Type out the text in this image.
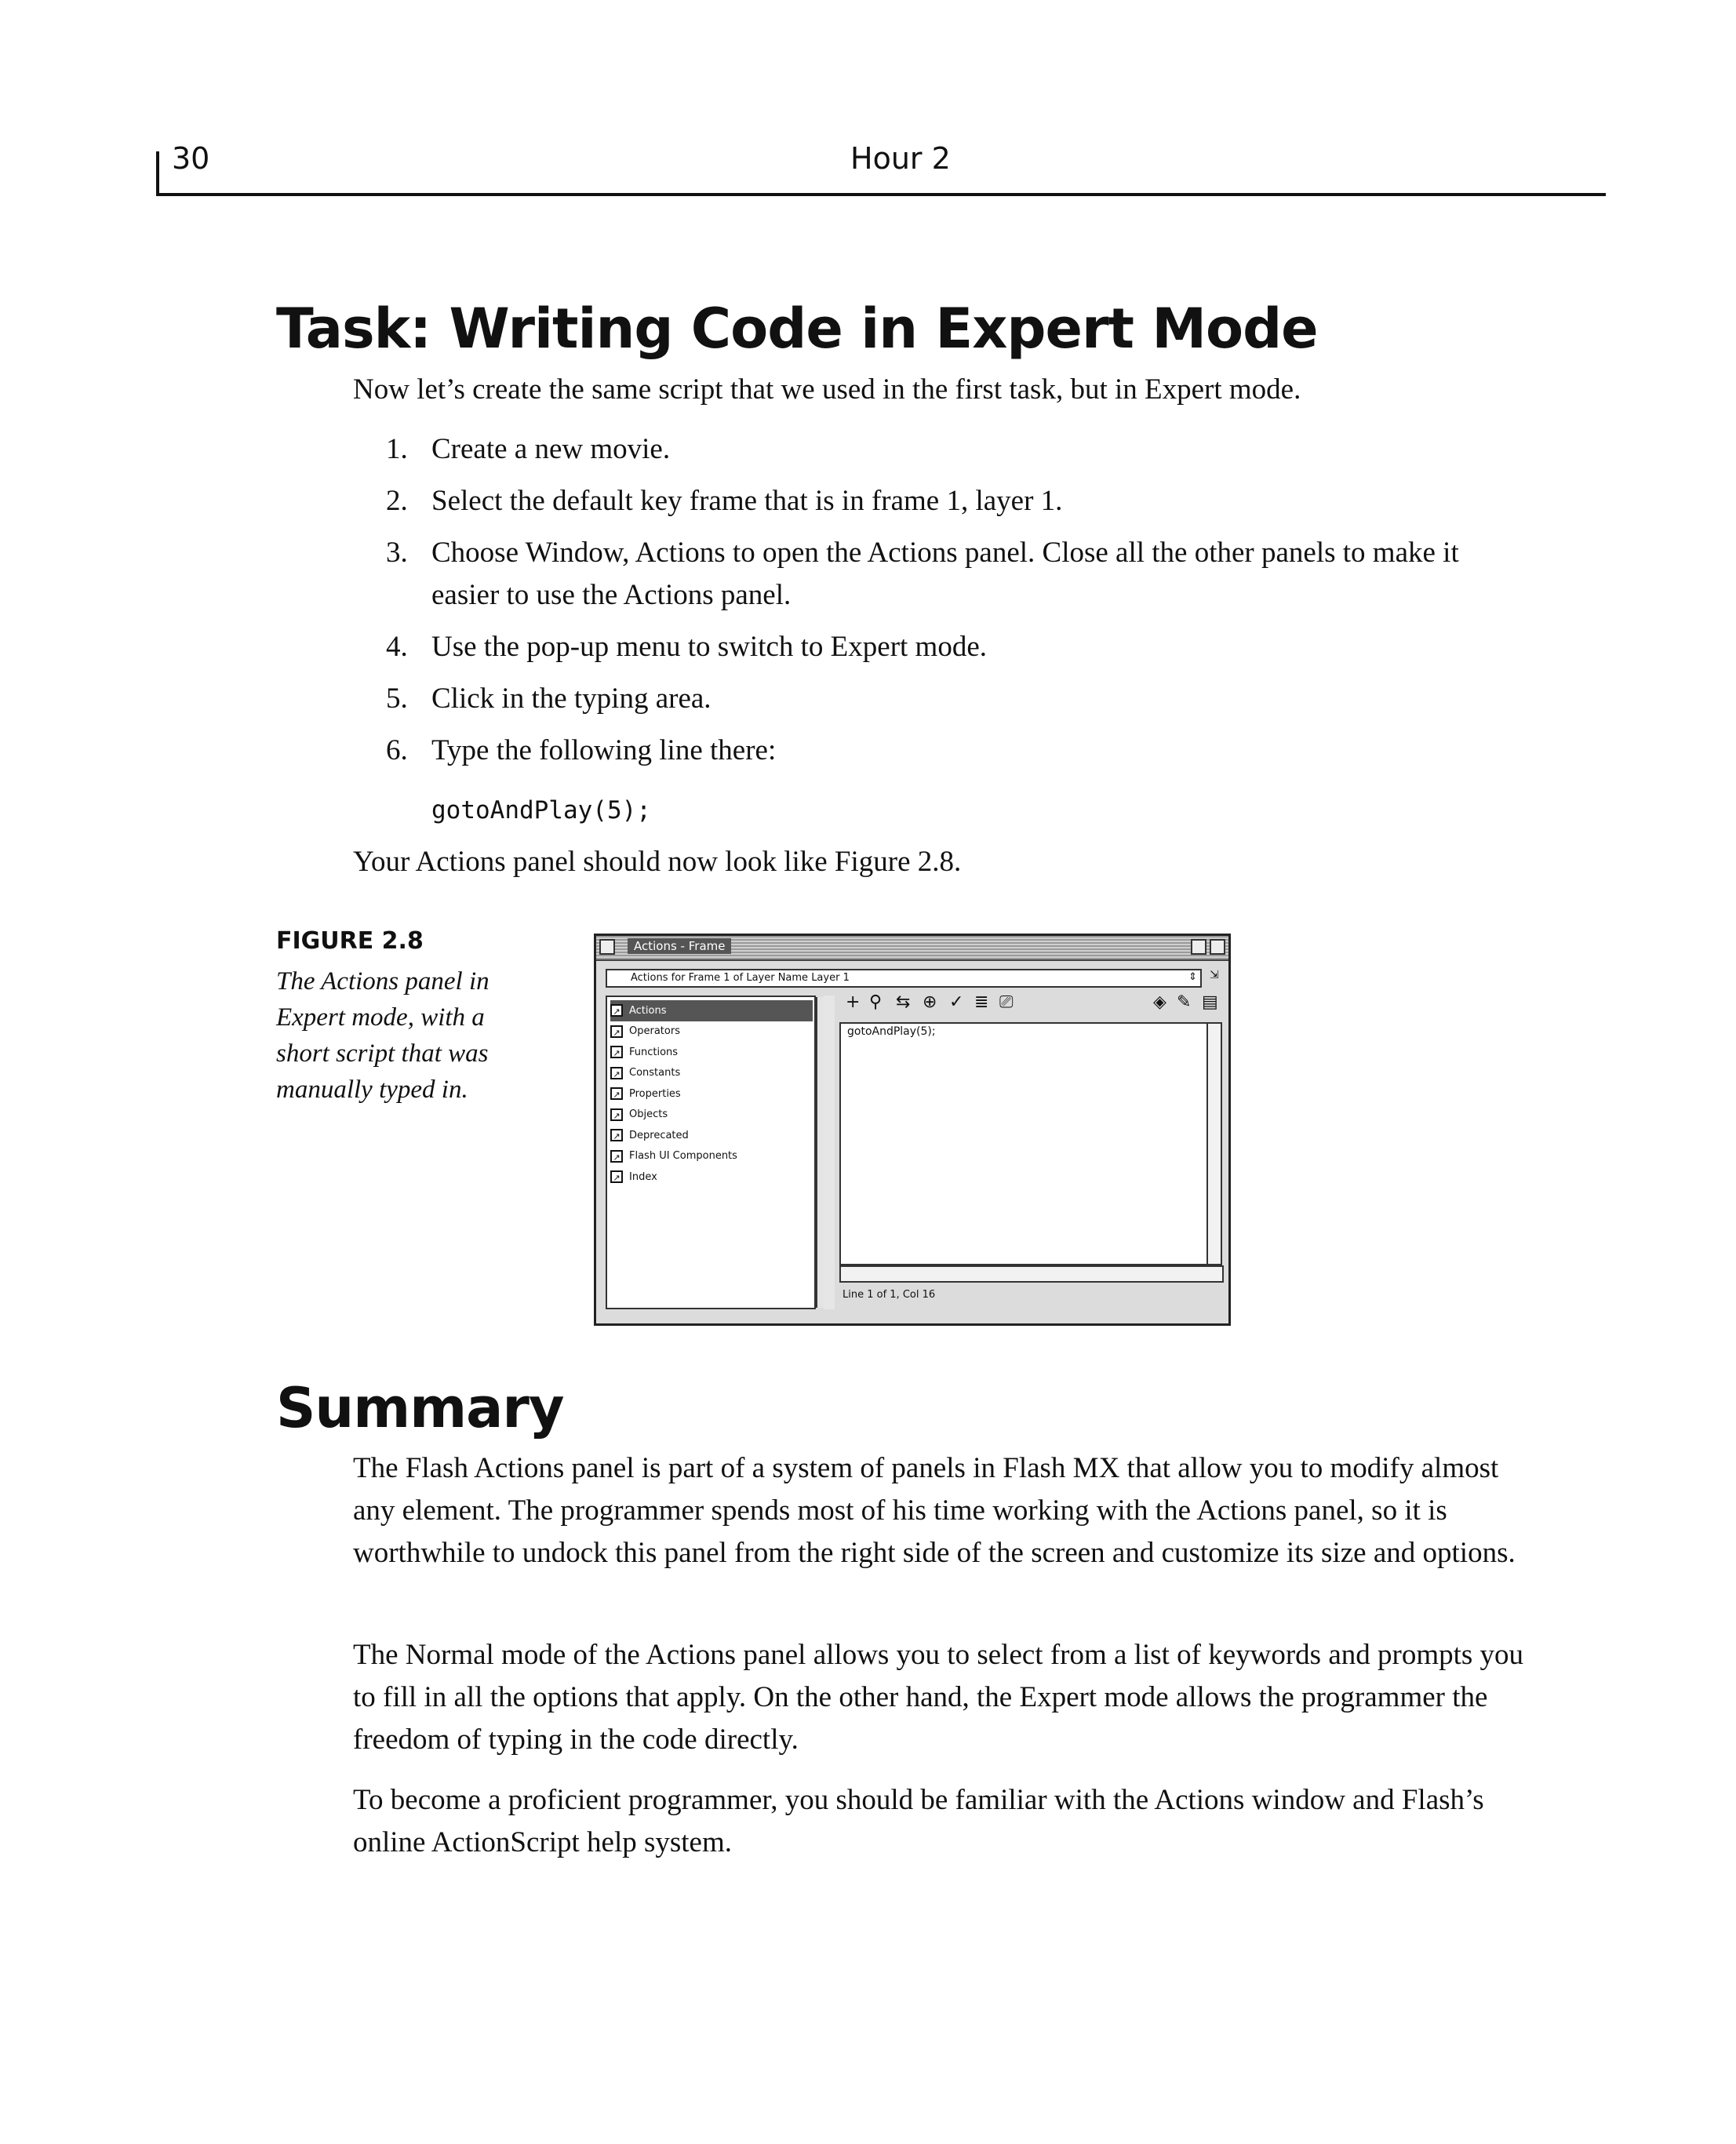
30	Hour 2
Task: Writing Code in Expert Mode

Now let’s create the same script that we used in the first task, but in Expert mode.

1. Create a new movie.
2. Select the default key frame that is in frame 1, layer 1.
3. Choose Window, Actions to open the Actions panel. Close all the other panels to make it easier to use the Actions panel.
4. Use the pop-up menu to switch to Expert mode.
5. Click in the typing area.
6. Type the following line there:
gotoAndPlay(5);

Your Actions panel should now look like Figure 2.8.

FIGURE 2.8
The Actions panel in Expert mode, with a short script that was manually typed in.
Actions - Frame
Actions for Frame 1 of Layer Name Layer 1	⇕ ⇲
↗ Actions
↗ Operators
↗ Functions
↗ Constants
↗ Properties
↗ Objects
↗ Deprecated
↗ Flash UI Components
↗ Index
+ ⚲ ⇆ ⊕ ✓ ≣ ⎚	◈ ✎ ▤
gotoAndPlay(5);
Line 1 of 1, Col 16
Summary

The Flash Actions panel is part of a system of panels in Flash MX that allow you to modify almost any element. The programmer spends most of his time working with the Actions panel, so it is worthwhile to undock this panel from the right side of the screen and customize its size and options.

The Normal mode of the Actions panel allows you to select from a list of keywords and prompts you to fill in all the options that apply. On the other hand, the Expert mode allows the programmer the freedom of typing in the code directly.

To become a proficient programmer, you should be familiar with the Actions window and Flash’s online ActionScript help system.
